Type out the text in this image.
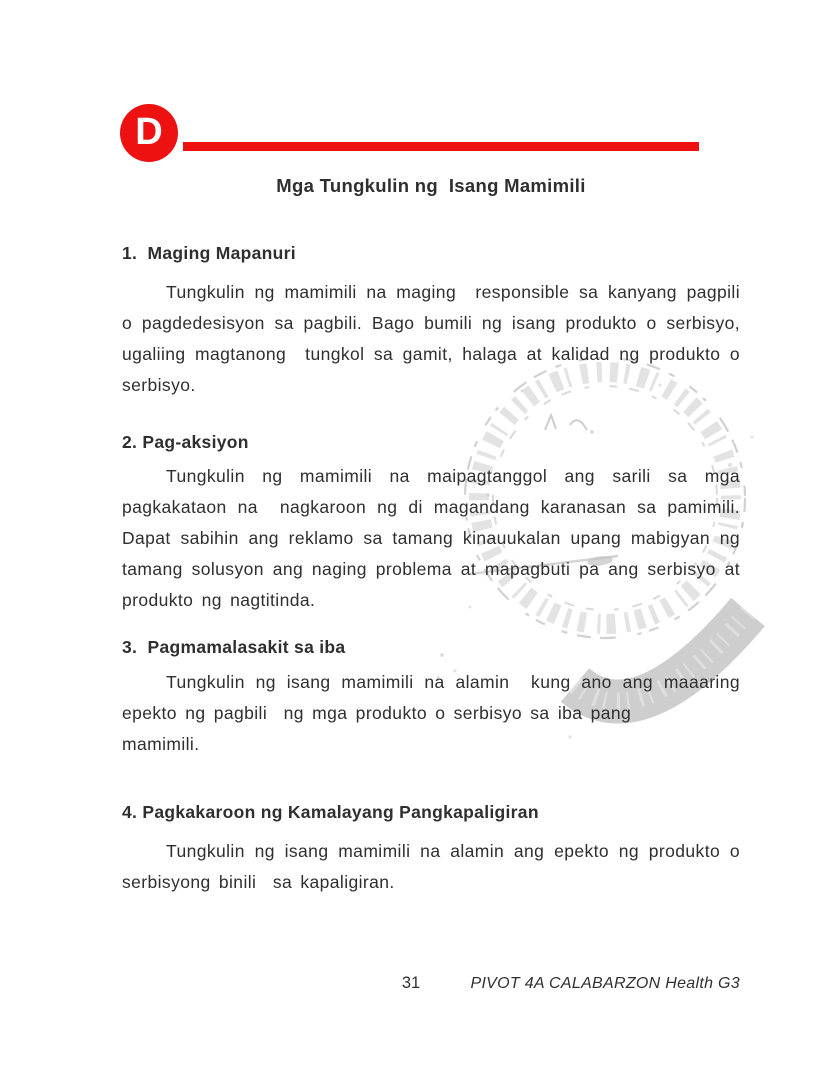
D
Mga Tungkulin ng  Isang Mamimili
1.  Maging Mapanuri
Tungkulin ng mamimili na maging  responsible sa kanyang pagpili o pagdedesisyon sa pagbili. Bago bumili ng isang produkto o serbisyo, ugaliing magtanong  tungkol sa gamit, halaga at kalidad ng produkto o serbisyo.
2. Pag-aksiyon
Tungkulin ng mamimili na maipagtanggol ang sarili sa mga pagkakataon na  nagkaroon ng di magandang karanasan sa pamimili. Dapat sabihin ang reklamo sa tamang kinauukalan upang mabigyan ng tamang solusyon ang naging problema at mapagbuti pa ang serbisyo at produkto ng nagtitinda.
3.  Pagmamalasakit sa iba
Tungkulin ng isang mamimili na alamin  kung ano ang maaaring epekto ng pagbili  ng mga produkto o serbisyo sa iba pang
mamimili.
4. Pagkakaroon ng Kamalayang Pangkapaligiran
Tungkulin ng isang mamimili na alamin ang epekto ng produkto o serbisyong binili  sa kapaligiran.
31	PIVOT 4A CALABARZON Health G3
